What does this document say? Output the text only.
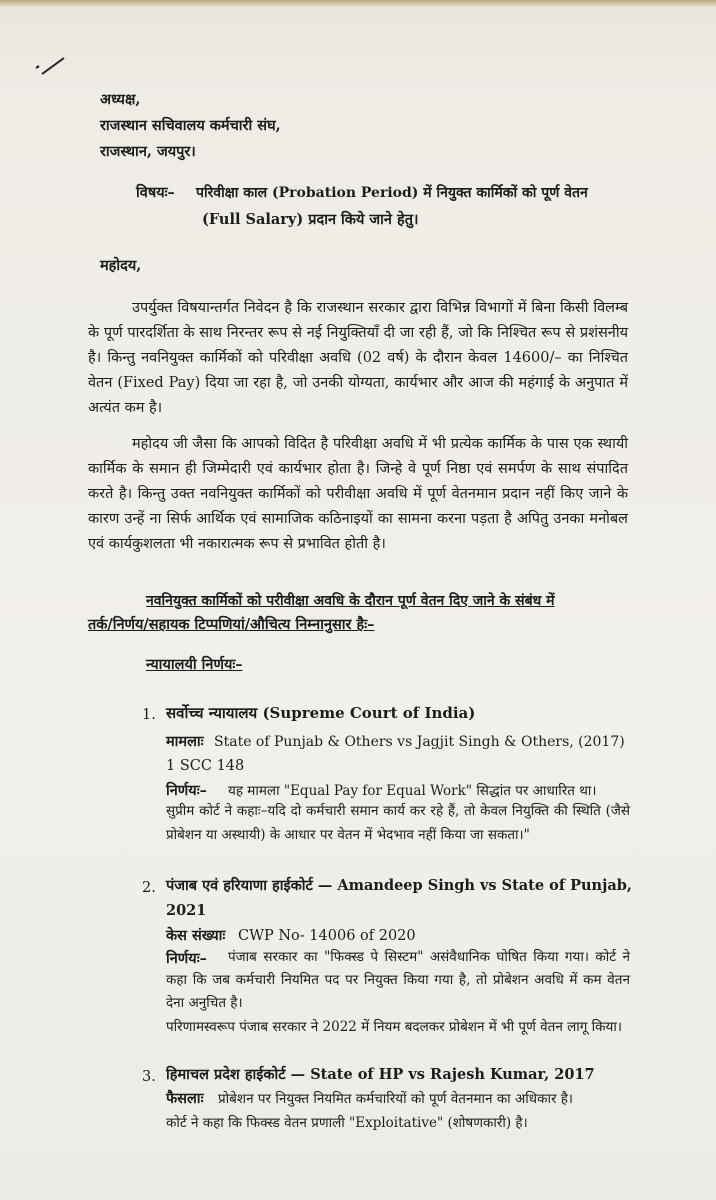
अध्यक्ष,
राजस्थान सचिवालय कर्मचारी संघ,
राजस्थान, जयपुर।
विषयः– परिवीक्षा काल (Probation Period) में नियुक्त कार्मिकों को पूर्ण वेतन
(Full Salary) प्रदान किये जाने हेतु।
महोदय,

उपर्युक्त विषयान्तर्गत निवेदन है कि राजस्थान सरकार द्वारा विभिन्न विभागों में बिना किसी विलम्ब के पूर्ण पारदर्शिता के साथ निरन्तर रूप से नई नियुक्तियाँ दी जा रही हैं, जो कि निश्चित रूप से प्रशंसनीय है। किन्तु नवनियुक्त कार्मिकों को परिवीक्षा अवधि (02 वर्ष) के दौरान केवल 14600/– का निश्चित वेतन (Fixed Pay) दिया जा रहा है, जो उनकी योग्यता, कार्यभार और आज की महंगाई के अनुपात में अत्यंत कम है।

महोदय जी जैसा कि आपको विदित है परिवीक्षा अवधि में भी प्रत्येक कार्मिक के पास एक स्थायी कार्मिक के समान ही जिम्मेदारी एवं कार्यभार होता है। जिन्हे वे पूर्ण निष्ठा एवं समर्पण के साथ संपादित करते है। किन्तु उक्त नवनियुक्त कार्मिकों को परीवीक्षा अवधि में पूर्ण वेतनमान प्रदान नहीं किए जाने के कारण उन्हें ना सिर्फ आर्थिक एवं सामाजिक कठिनाइयों का सामना करना पड़ता है अपितु उनका मनोबल एवं कार्यकुशलता भी नकारात्मक रूप से प्रभावित होती है।

नवनियुक्त कार्मिकों को परीवीक्षा अवधि के दौरान पूर्ण वेतन दिए जाने के संबंध में
तर्क/निर्णय/सहायक टिप्पणियां/औचित्य निम्नानुसार हैः–
न्यायालयी निर्णयः–
1. सर्वोच्च न्यायालय (Supreme Court of India)
मामलाः State of Punjab & Others vs Jagjit Singh & Others, (2017)
1 SCC 148
निर्णयः– यह मामला "Equal Pay for Equal Work" सिद्धांत पर आधारित था।
सुप्रीम कोर्ट ने कहाः–यदि दो कर्मचारी समान कार्य कर रहे हैं, तो केवल नियुक्ति की स्थिति (जैसे प्रोबेशन या अस्थायी) के आधार पर वेतन में भेदभाव नहीं किया जा सकता।"
2. पंजाब एवं हरियाणा हाईकोर्ट — Amandeep Singh vs State of Punjab,
2021
केस संख्याः CWP No- 14006 of 2020
निर्णयः–	पंजाब सरकार का "फिक्स्ड पे सिस्टम" असंवैधानिक घोषित किया गया। कोर्ट ने कहा कि जब कर्मचारी नियमित पद पर नियुक्त किया गया है, तो प्रोबेशन अवधि में कम वेतन देना अनुचित है।
परिणामस्वरूप पंजाब सरकार ने 2022 में नियम बदलकर प्रोबेशन में भी पूर्ण वेतन लागू किया।
3. हिमाचल प्रदेश हाईकोर्ट — State of HP vs Rajesh Kumar, 2017
फैसलाः प्रोबेशन पर नियुक्त नियमित कर्मचारियों को पूर्ण वेतनमान का अधिकार है।
कोर्ट ने कहा कि फिक्स्ड वेतन प्रणाली "Exploitative" (शोषणकारी) है।
